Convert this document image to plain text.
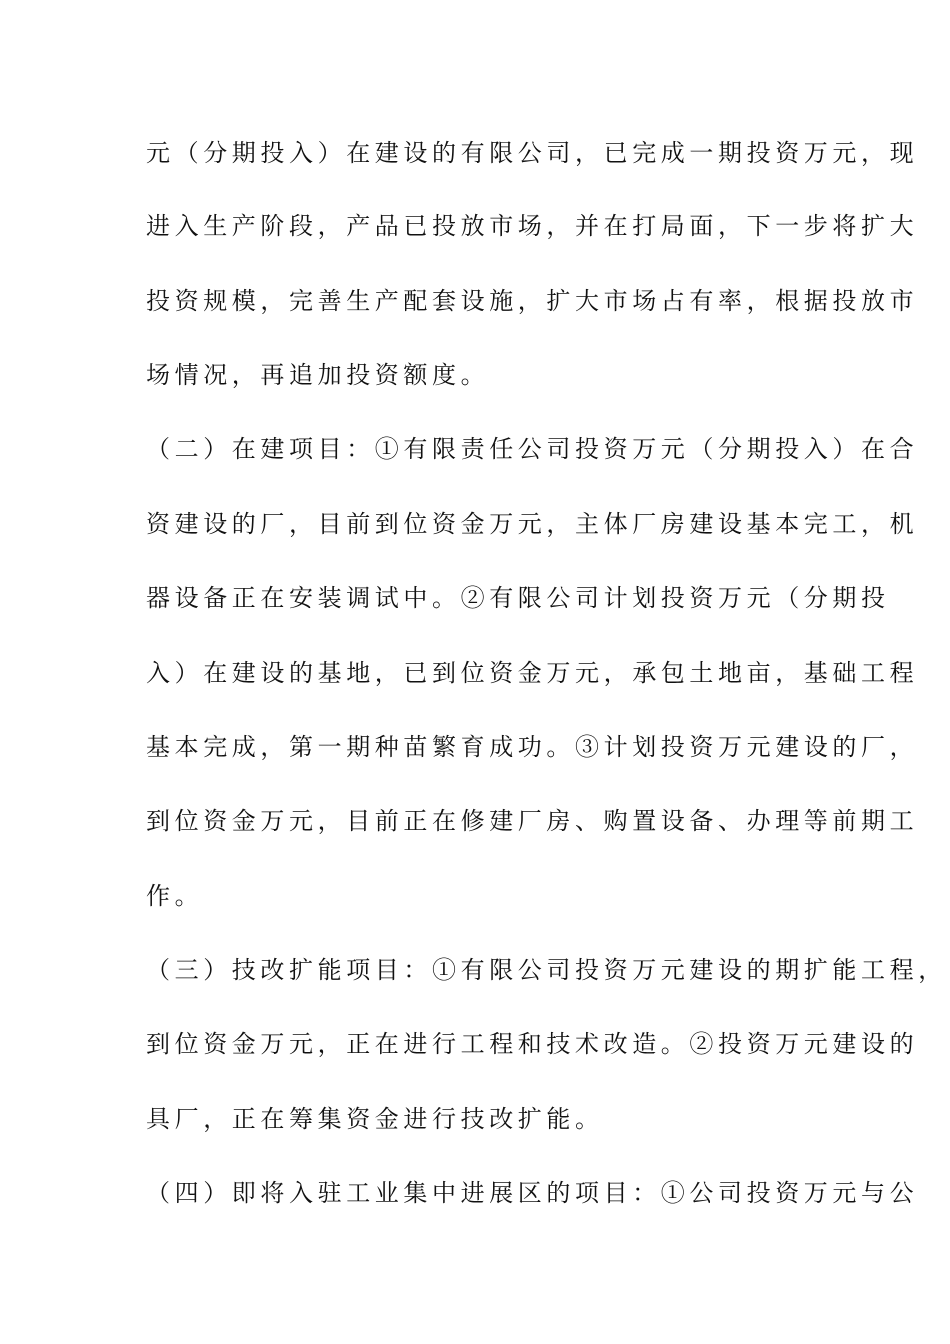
元（分期投入）在建设的有限公司，已完成一期投资万元，现
进入生产阶段，产品已投放市场，并在打局面，下一步将扩大
投资规模，完善生产配套设施，扩大市场占有率，根据投放市
场情况，再追加投资额度。
（二）在建项目：①有限责任公司投资万元（分期投入）在合
资建设的厂，目前到位资金万元，主体厂房建设基本完工，机
器设备正在安装调试中。②有限公司计划投资万元（分期投
入）在建设的基地，已到位资金万元，承包土地亩，基础工程
基本完成，第一期种苗繁育成功。③计划投资万元建设的厂，
到位资金万元，目前正在修建厂房、购置设备、办理等前期工
作。
（三）技改扩能项目：①有限公司投资万元建设的期扩能工程，
到位资金万元，正在进行工程和技术改造。②投资万元建设的
具厂，正在筹集资金进行技改扩能。
（四）即将入驻工业集中进展区的项目：①公司投资万元与公
